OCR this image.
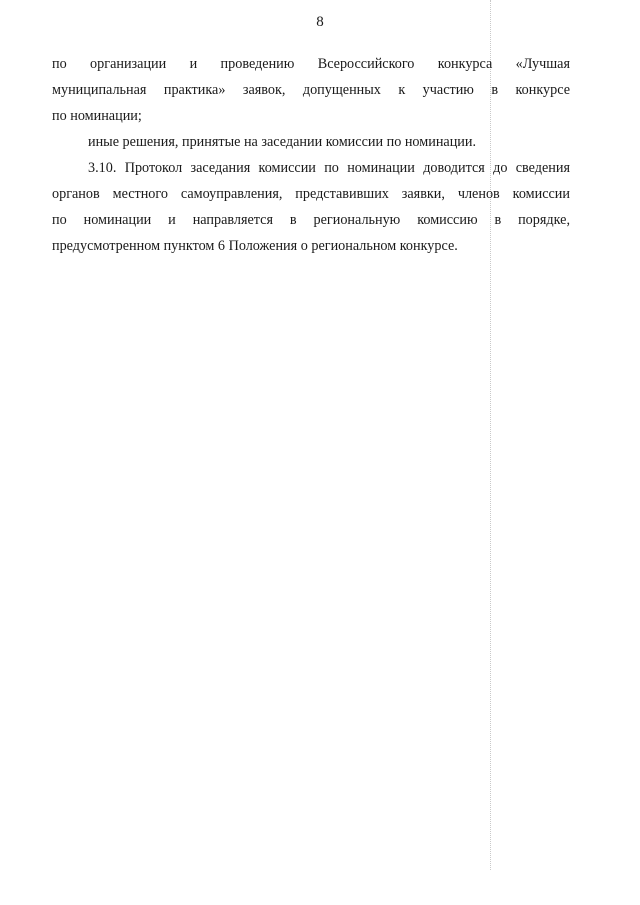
8
по организации и проведению Всероссийского конкурса «Лучшая
муниципальная практика» заявок, допущенных к участию в конкурсе
по номинации;
иные решения, принятые на заседании комиссии по номинации.
3.10. Протокол заседания комиссии по номинации доводится до сведения
органов местного самоуправления, представивших заявки, членов комиссии
по номинации и направляется в региональную комиссию в порядке,
предусмотренном пунктом 6 Положения о региональном конкурсе.
